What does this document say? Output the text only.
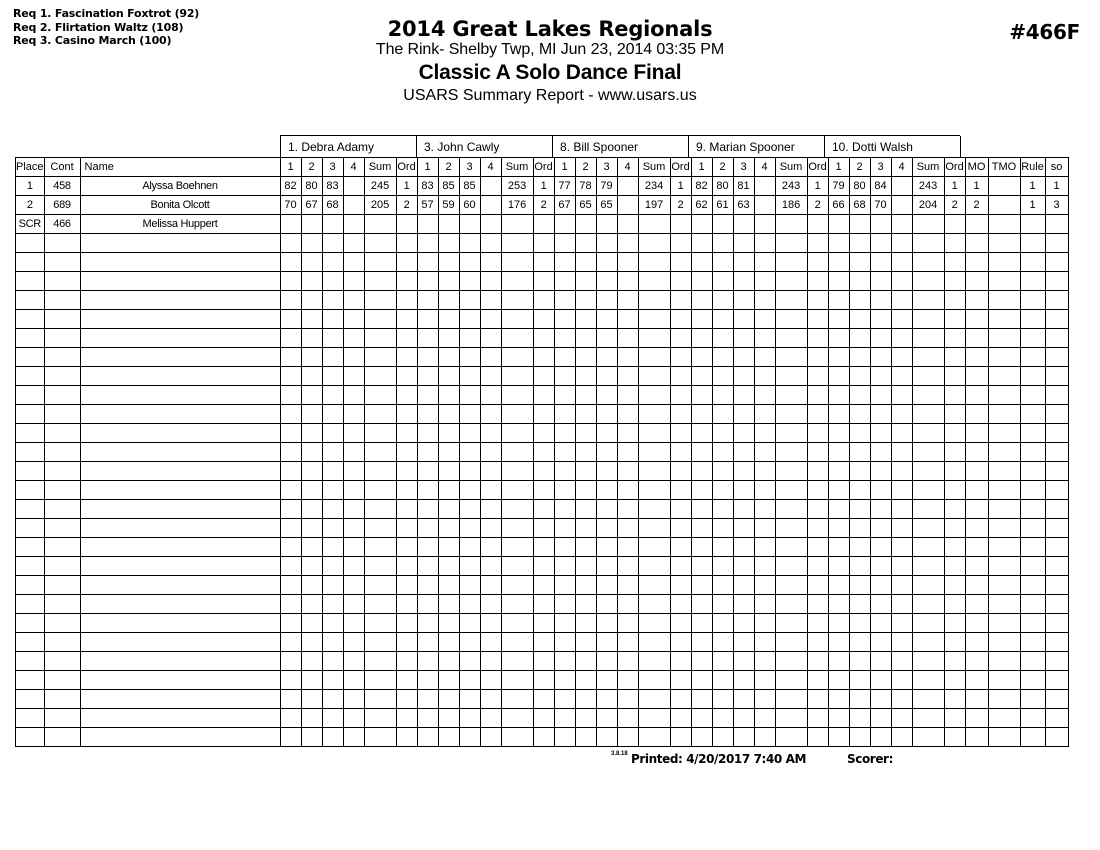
Req 1. Fascination Foxtrot (92)
Req 2. Flirtation Waltz (108)
Req 3. Casino March (100)	2014 Great Lakes Regionals
The Rink- Shelby Twp, MI Jun 23, 2014 03:35 PM
Classic A Solo Dance Final
USARS Summary Report - www.usars.us
#466F
1. Debra Adamy	3. John Cawly	8. Bill Spooner	9. Marian Spooner	10. Dotti Walsh
Place	Cont	Name	1	2	3	4	Sum	Ord	1	2	3	4	Sum	Ord	1	2	3	4	Sum	Ord	1	2	3	4	Sum	Ord	1	2	3	4	Sum	Ord	MO	TMO	Rule	so
1	458	Alyssa Boehnen	82	80	83		245	1	83	85	85		253	1	77	78	79		234	1	82	80	81		243	1	79	80	84		243	1	1		1	1
2	689	Bonita Olcott	70	67	68		205	2	57	59	60		176	2	67	65	65		197	2	62	61	63		186	2	66	68	70		204	2	2		1	3
SCR	466	Melissa Huppert																																		

3.8.18 Printed: 4/20/2017 7:40 AM	Scorer:
